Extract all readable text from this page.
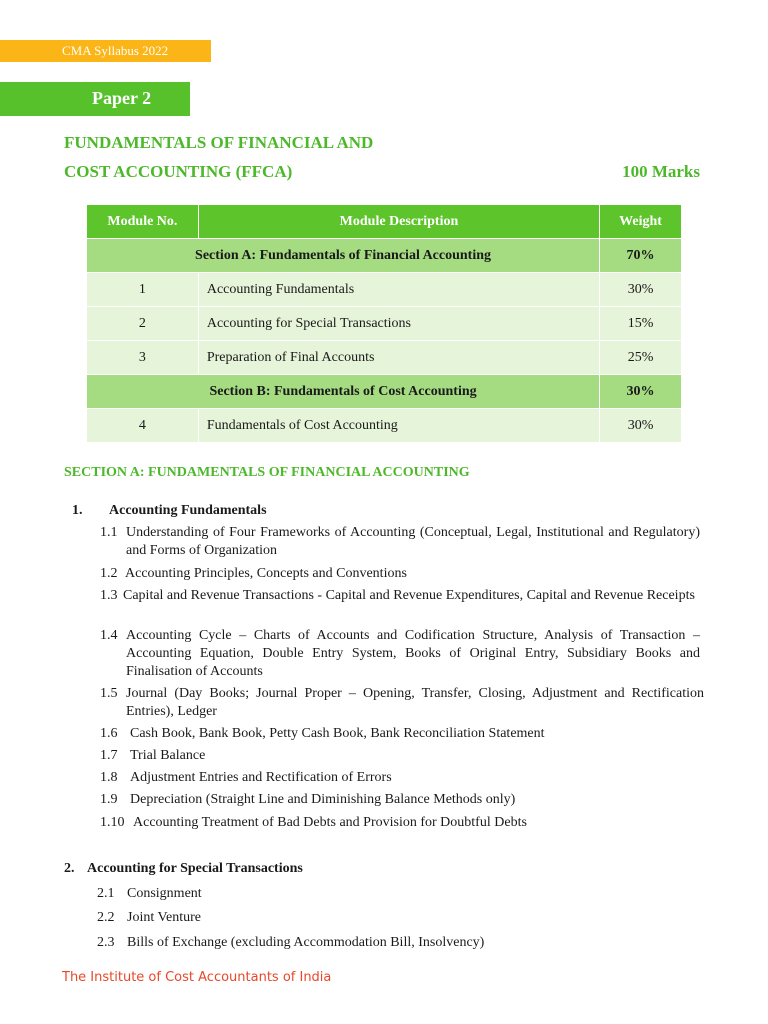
CMA Syllabus 2022
Paper 2
FUNDAMENTALS OF FINANCIAL AND
COST ACCOUNTING (FFCA)	100 Marks
Module No.	Module Description	Weight
Section A: Fundamentals of Financial Accounting		70%
1	Accounting Fundamentals	30%
2	Accounting for Special Transactions	15%
3	Preparation of Final Accounts	25%
Section B: Fundamentals of Cost Accounting		30%
4	Fundamentals of Cost Accounting	30%
SECTION A: FUNDAMENTALS OF FINANCIAL ACCOUNTING
1. Accounting Fundamentals
1.1 Understanding of Four Frameworks of Accounting (Conceptual, Legal, Institutional and Regulatory) and Forms of Organization
1.2 Accounting Principles, Concepts and Conventions
1.3 Capital and Revenue Transactions - Capital and Revenue Expenditures, Capital and Revenue Receipts
1.4 Accounting Cycle – Charts of Accounts and Codification Structure, Analysis of Transaction – Accounting Equation, Double Entry System, Books of Original Entry, Subsidiary Books and Finalisation of Accounts
1.5 Journal (Day Books; Journal Proper – Opening, Transfer, Closing, Adjustment and Rectification Entries), Ledger
1.6 Cash Book, Bank Book, Petty Cash Book, Bank Reconciliation Statement
1.7 Trial Balance
1.8 Adjustment Entries and Rectification of Errors
1.9 Depreciation (Straight Line and Diminishing Balance Methods only)
1.10 Accounting Treatment of Bad Debts and Provision for Doubtful Debts
2. Accounting for Special Transactions
2.1 Consignment
2.2 Joint Venture
2.3 Bills of Exchange (excluding Accommodation Bill, Insolvency)
The Institute of Cost Accountants of India
